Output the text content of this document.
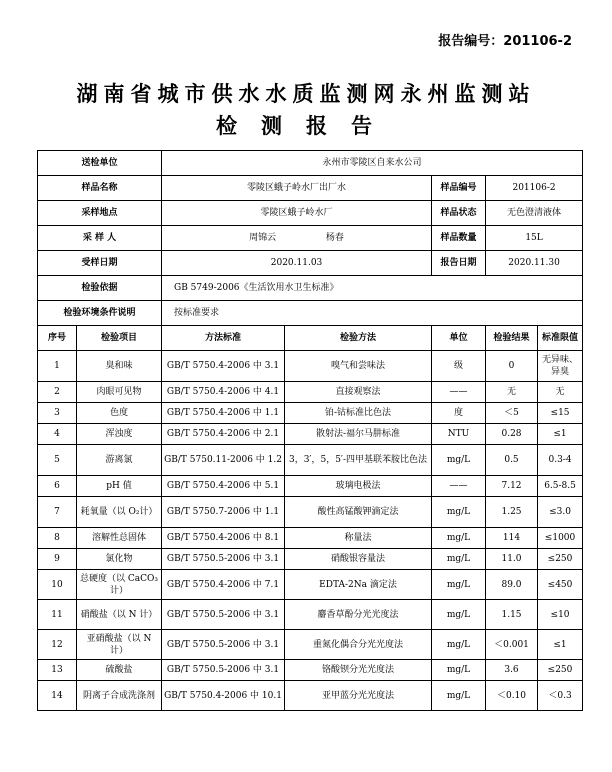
报告编号：201106-2
湖南省城市供水水质监测网永州监测站
检测报告
送检单位		永州市零陵区自来水公司				
样品名称		零陵区蛾子岭水厂出厂水		样品编号	201106-2	
采样地点		零陵区蛾子岭水厂		样品状态	无色澄清液体	
采 样 人		周锦云 杨春		样品数量	15L	
受样日期		2020.11.03		报告日期	2020.11.30	
检验依据		GB 5749-2006《生活饮用水卫生标准》				
检验环境条件说明		按标准要求				
序号	检验项目	方法标准	检验方法	单位	检验结果	标准限值
1	臭和味	GB/T 5750.4-2006 中 3.1	嗅气和尝味法	级	0	无异味、异臭
2	肉眼可见物	GB/T 5750.4-2006 中 4.1	直接观察法	——	无	无
3	色度	GB/T 5750.4-2006 中 1.1	铂-钴标准比色法	度	＜5	≤15
4	浑浊度	GB/T 5750.4-2006 中 2.1	散射法-福尔马肼标准	NTU	0.28	≤1
5	游离氯	GB/T 5750.11-2006 中 1.2	3，3′，5，5′-四甲基联苯胺比色法	mg/L	0.5	0.3-4
6	pH 值	GB/T 5750.4-2006 中 5.1	玻璃电极法	——	7.12	6.5-8.5
7	耗氧量（以 O₂计）	GB/T 5750.7-2006 中 1.1	酸性高锰酸钾滴定法	mg/L	1.25	≤3.0
8	溶解性总固体	GB/T 5750.4-2006 中 8.1	称量法	mg/L	114	≤1000
9	氯化物	GB/T 5750.5-2006 中 3.1	硝酸银容量法	mg/L	11.0	≤250
10	总硬度（以 CaCO₃计）	GB/T 5750.4-2006 中 7.1	EDTA-2Na 滴定法	mg/L	89.0	≤450
11	硝酸盐（以 N 计）	GB/T 5750.5-2006 中 3.1	麝香草酚分光光度法	mg/L	1.15	≤10
12	亚硝酸盐（以 N 计）	GB/T 5750.5-2006 中 3.1	重氮化偶合分光光度法	mg/L	＜0.001	≤1
13	硫酸盐	GB/T 5750.5-2006 中 3.1	铬酸钡分光光度法	mg/L	3.6	≤250
14	阴离子合成洗涤剂	GB/T 5750.4-2006 中 10.1	亚甲蓝分光光度法	mg/L	＜0.10	＜0.3
